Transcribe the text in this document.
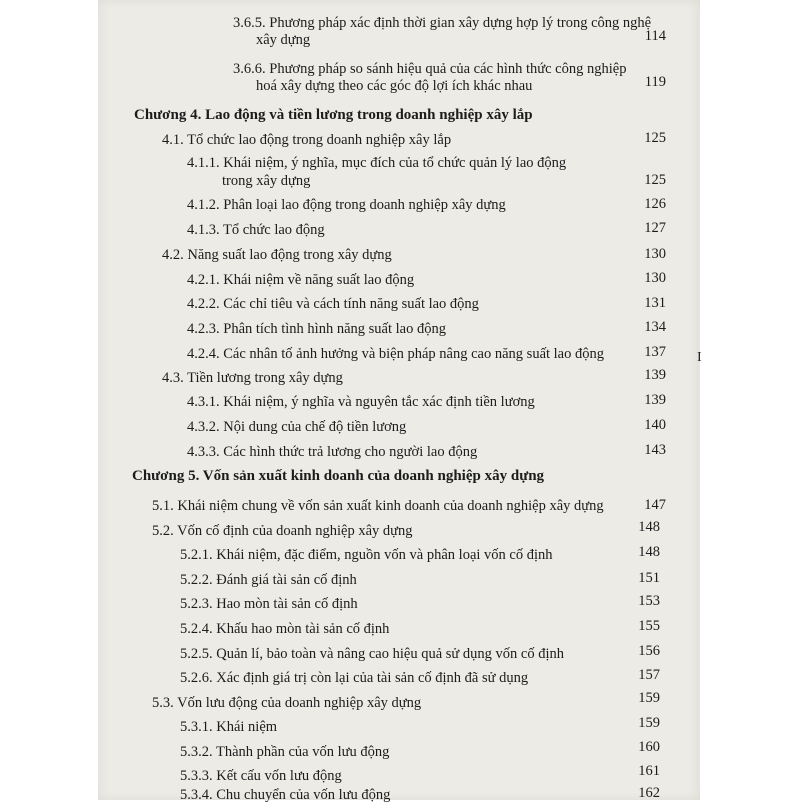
3.6.5. Phương pháp xác định thời gian xây dựng hợp lý trong công nghệ
xây dựng	114
3.6.6. Phương pháp so sánh hiệu quả của các hình thức công nghiệp
hoá xây dựng theo các góc độ lợi ích khác nhau	119
Chương 4. Lao động và tiền lương trong doanh nghiệp xây lắp
4.1. Tổ chức lao động trong doanh nghiệp xây lắp	125
4.1.1. Khái niệm, ý nghĩa, mục đích của tổ chức quản lý lao động
trong xây dựng	125
4.1.2. Phân loại lao động trong doanh nghiệp xây dựng	126
4.1.3. Tổ chức lao động	127
4.2. Năng suất lao động trong xây dựng	130
4.2.1. Khái niệm về năng suất lao động	130
4.2.2. Các chỉ tiêu và cách tính năng suất lao động	131
4.2.3. Phân tích tình hình năng suất lao động	134
4.2.4. Các nhân tố ảnh hưởng và biện pháp nâng cao năng suất lao động	137
4.3. Tiền lương trong xây dựng	139
4.3.1. Khái niệm, ý nghĩa và nguyên tắc xác định tiền lương	139
4.3.2. Nội dung của chế độ tiền lương	140
4.3.3. Các hình thức trả lương cho người lao động	143
Chương 5. Vốn sản xuất kinh doanh của doanh nghiệp xây dựng
5.1. Khái niệm chung về vốn sản xuất kinh doanh của doanh nghiệp xây dựng	147
5.2. Vốn cố định của doanh nghiệp xây dựng	148
5.2.1. Khái niệm, đặc điểm, nguồn vốn và phân loại vốn cố định	148
5.2.2. Đánh giá tài sản cố định	151
5.2.3. Hao mòn tài sản cố định	153
5.2.4. Khấu hao mòn tài sản cố định	155
5.2.5. Quản lí, bảo toàn và nâng cao hiệu quả sử dụng vốn cố định	156
5.2.6. Xác định giá trị còn lại của tài sản cố định đã sử dụng	157
5.3. Vốn lưu động của doanh nghiệp xây dựng	159
5.3.1. Khái niệm	159
5.3.2. Thành phần của vốn lưu động	160
5.3.3. Kết cấu vốn lưu động	161
5.3.4. Chu chuyển của vốn lưu động	162
I
